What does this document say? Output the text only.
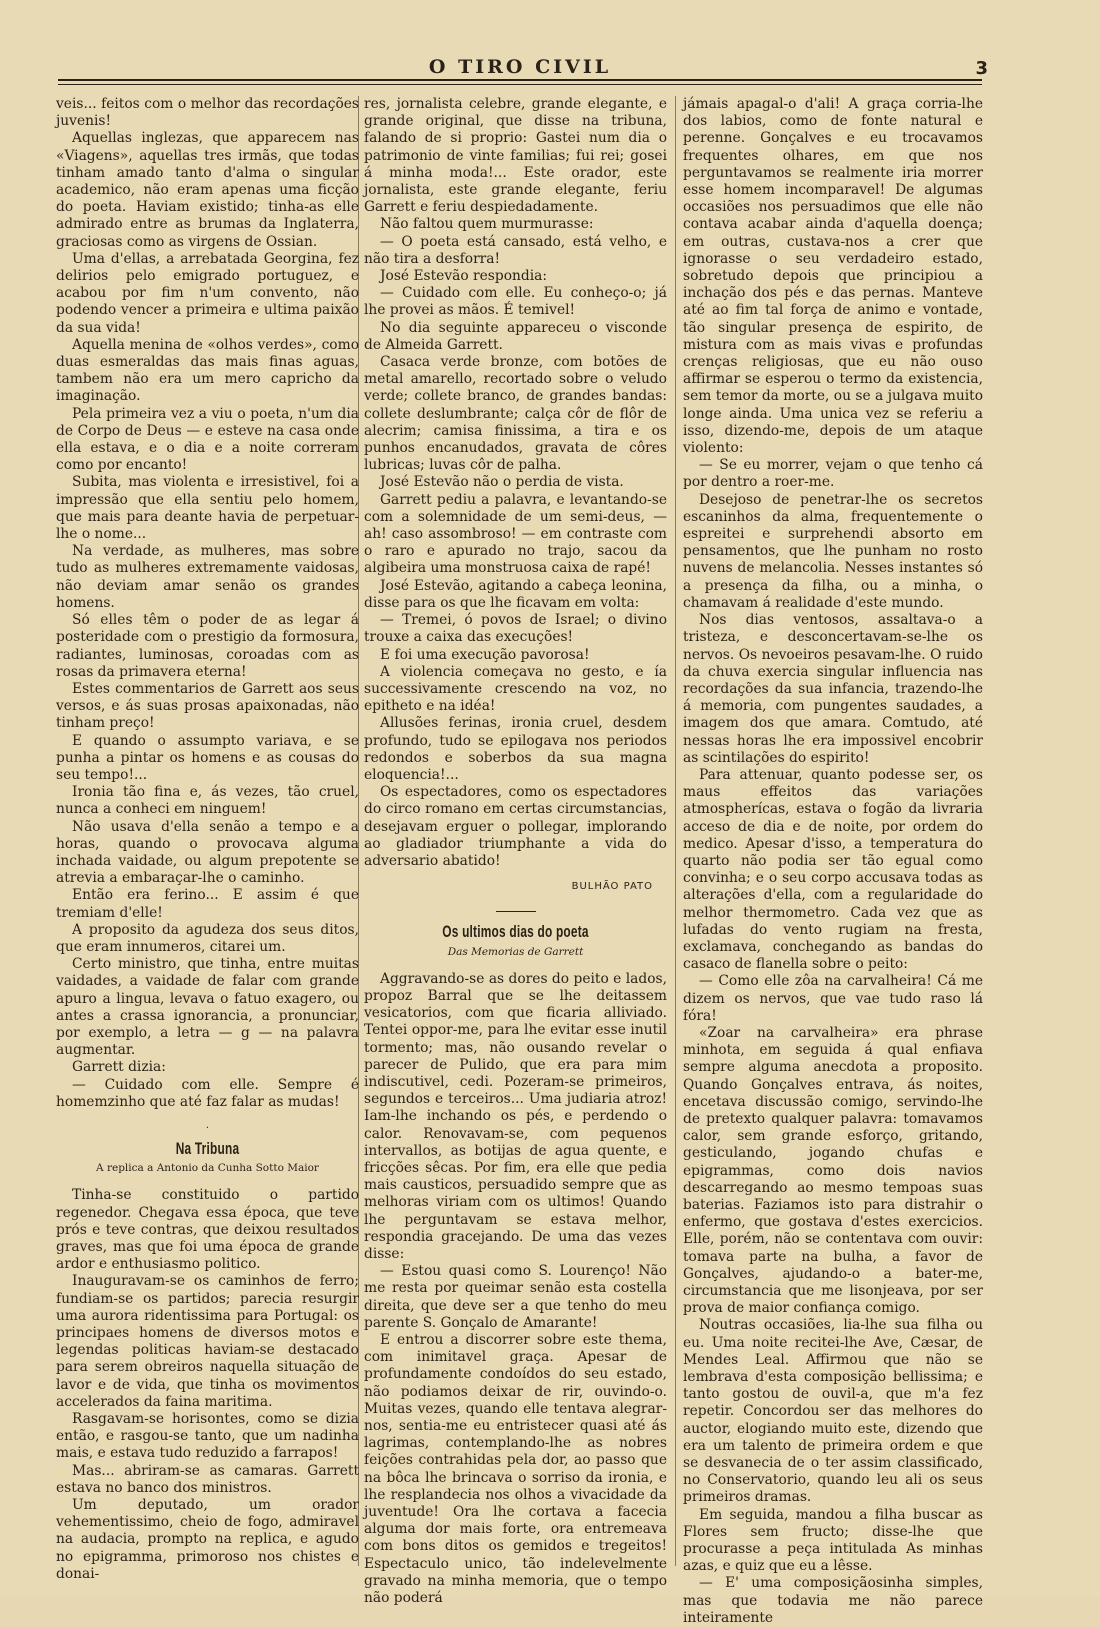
O TIRO CIVIL	3

veis... feitos com o melhor das recordações juvenis!

Aquellas inglezas, que apparecem nas «Viagens», aquellas tres irmãs, que todas tinham amado tanto d'alma o singular academico, não eram apenas uma ficção do poeta. Haviam existido; tinha-as elle admirado entre as brumas da Inglaterra, graciosas como as virgens de Ossian.

Uma d'ellas, a arrebatada Georgina, fez delirios pelo emigrado portuguez, e acabou por fim n'um convento, não podendo vencer a primeira e ultima paixão da sua vida!

Aquella menina de «olhos verdes», como duas esmeraldas das mais finas aguas, tambem não era um mero capricho da imaginação.

Pela primeira vez a viu o poeta, n'um dia de Corpo de Deus — e esteve na casa onde ella estava, e o dia e a noite correram como por encanto!

Subita, mas violenta e irresistivel, foi a impressão que ella sentiu pelo homem, que mais para deante havia de perpetuar-lhe o nome...

Na verdade, as mulheres, mas sobre tudo as mulheres extremamente vaidosas, não deviam amar senão os grandes homens.

Só elles têm o poder de as legar á posteridade com o prestigio da formosura, radiantes, luminosas, coroadas com as rosas da primavera eterna!

Estes commentarios de Garrett aos seus versos, e ás suas prosas apaixonadas, não tinham preço!

E quando o assumpto variava, e se punha a pintar os homens e as cousas do seu tempo!...

Ironia tão fina e, ás vezes, tão cruel, nunca a conheci em ninguem!

Não usava d'ella senão a tempo e a horas, quando o provocava alguma inchada vaidade, ou algum prepotente se atrevia a embaraçar-lhe o caminho.

Então era ferino... E assim é que tremiam d'elle!

A proposito da agudeza dos seus ditos, que eram innumeros, citarei um.

Certo ministro, que tinha, entre muitas vaidades, a vaidade de falar com grande apuro a lingua, levava o fatuo exagero, ou antes a crassa ignorancia, a pronunciar, por exemplo, a letra — g — na palavra augmentar.

Garrett dizia:

— Cuidado com elle. Sempre é homemzinho que até faz falar as mudas!

·
Na Tribuna
A replica a Antonio da Cunha Sotto Maior

Tinha-se constituido o partido regenedor. Chegava essa época, que teve prós e teve contras, que deixou resultados graves, mas que foi uma época de grande ardor e enthusiasmo politico.

Inauguravam-se os caminhos de ferro; fundiam-se os partidos; parecia resurgir uma aurora ridentissima para Portugal: os principaes homens de diversos motos e legendas politicas haviam-se destacado para serem obreiros naquella situação de lavor e de vida, que tinha os movimentos accelerados da faina maritima.

Rasgavam-se horisontes, como se dizia então, e rasgou-se tanto, que um nadinha mais, e estava tudo reduzido a farrapos!

Mas... abriram-se as camaras. Garrett estava no banco dos ministros.

Um deputado, um orador vehementissimo, cheio de fogo, admiravel na audacia, prompto na replica, e agudo no epigramma, primoroso nos chistes e donai-

res, jornalista celebre, grande elegante, e grande original, que disse na tribuna, falando de si proprio: Gastei num dia o patrimonio de vinte familias; fui rei; gosei á minha moda!... Este orador, este jornalista, este grande elegante, feriu Garrett e feriu despiedadamente.

Não faltou quem murmurasse:

— O poeta está cansado, está velho, e não tira a desforra!

José Estevão respondia:

— Cuidado com elle. Eu conheço-o; já lhe provei as mãos. É temivel!

No dia seguinte appareceu o visconde de Almeida Garrett.

Casaca verde bronze, com botões de metal amarello, recortado sobre o veludo verde; collete branco, de grandes bandas: collete deslumbrante; calça côr de flôr de alecrim; camisa finissima, a tira e os punhos encanudados, gravata de côres lubricas; luvas côr de palha.

José Estevão não o perdia de vista.

Garrett pediu a palavra, e levantando-se com a solemnidade de um semi-deus, — ah! caso assombroso! — em contraste com o raro e apurado no trajo, sacou da algibeira uma monstruosa caixa de rapé!

José Estevão, agitando a cabeça leonina, disse para os que lhe ficavam em volta:

— Tremei, ó povos de Israel; o divino trouxe a caixa das execuções!

E foi uma execução pavorosa!

A violencia começava no gesto, e ía successivamente crescendo na voz, no epitheto e na idéa!

Allusões ferinas, ironia cruel, desdem profundo, tudo se epilogava nos periodos redondos e soberbos da sua magna eloquencia!...

Os espectadores, como os espectadores do circo romano em certas circumstancias, desejavam erguer o pollegar, implorando ao gladiador triumphante a vida do adversario abatido!

BULHÃO PATO
Os ultimos dias do poeta
Das Memorias de Garrett

Aggravando-se as dores do peito e lados, propoz Barral que se lhe deitassem vesicatorios, com que ficaria alliviado. Tentei oppor-me, para lhe evitar esse inutil tormento; mas, não ousando revelar o parecer de Pulido, que era para mim indiscutivel, cedi. Pozeram-se primeiros, segundos e terceiros... Uma judiaria atroz! Iam-lhe inchando os pés, e perdendo o calor. Renovavam-se, com pequenos intervallos, as botijas de agua quente, e fricções sêcas. Por fim, era elle que pedia mais causticos, persuadido sempre que as melhoras viriam com os ultimos! Quando lhe perguntavam se estava melhor, respondia gracejando. De uma das vezes disse:

— Estou quasi como S. Lourenço! Não me resta por queimar senão esta costella direita, que deve ser a que tenho do meu parente S. Gonçalo de Amarante!

E entrou a discorrer sobre este thema, com inimitavel graça. Apesar de profundamente condoídos do seu estado, não podiamos deixar de rir, ouvindo-o. Muitas vezes, quando elle tentava alegrar-nos, sentia-me eu entristecer quasi até ás lagrimas, contemplando-lhe as nobres feições contrahidas pela dor, ao passo que na bôca lhe brincava o sorriso da ironia, e lhe resplandecia nos olhos a vivacidade da juventude! Ora lhe cortava a facecia alguma dor mais forte, ora entremeava com bons ditos os gemidos e tregeitos! Espectaculo unico, tão indelevelmente gravado na minha memoria, que o tempo não poderá

jámais apagal-o d'ali! A graça corria-lhe dos labios, como de fonte natural e perenne. Gonçalves e eu trocavamos frequentes olhares, em que nos perguntavamos se realmente iria morrer esse homem incomparavel! De algumas occasiões nos persuadimos que elle não contava acabar ainda d'aquella doença; em outras, custava-nos a crer que ignorasse o seu verdadeiro estado, sobretudo depois que principiou a inchação dos pés e das pernas. Manteve até ao fim tal força de animo e vontade, tão singular presença de espirito, de mistura com as mais vivas e profundas crenças religiosas, que eu não ouso affirmar se esperou o termo da existencia, sem temor da morte, ou se a julgava muito longe ainda. Uma unica vez se referiu a isso, dizendo-me, depois de um ataque violento:

— Se eu morrer, vejam o que tenho cá por dentro a roer-me.

Desejoso de penetrar-lhe os secretos escaninhos da alma, frequentemente o espreitei e surprehendi absorto em pensamentos, que lhe punham no rosto nuvens de melancolia. Nesses instantes só a presença da filha, ou a minha, o chamavam á realidade d'este mundo.

Nos dias ventosos, assaltava-o a tristeza, e desconcertavam-se-lhe os nervos. Os nevoeiros pesavam-lhe. O ruido da chuva exercia singular influencia nas recordações da sua infancia, trazendo-lhe á memoria, com pungentes saudades, a imagem dos que amara. Comtudo, até nessas horas lhe era impossivel encobrir as scintilações do espirito!

Para attenuar, quanto podesse ser, os maus effeitos das variações atmospherícas, estava o fogão da livraria acceso de dia e de noite, por ordem do medico. Apesar d'isso, a temperatura do quarto não podia ser tão egual como convinha; e o seu corpo accusava todas as alterações d'ella, com a regularidade do melhor thermometro. Cada vez que as lufadas do vento rugiam na fresta, exclamava, conchegando as bandas do casaco de flanella sobre o peito:

— Como elle zôa na carvalheira! Cá me dizem os nervos, que vae tudo raso lá fóra!

«Zoar na carvalheira» era phrase minhota, em seguida á qual enfiava sempre alguma anecdota a proposito. Quando Gonçalves entrava, ás noites, encetava discussão comigo, servindo-lhe de pretexto qualquer palavra: tomavamos calor, sem grande esforço, gritando, gesticulando, jogando chufas e epigrammas, como dois navios descarregando ao mesmo tempoas suas baterias. Faziamos isto para distrahir o enfermo, que gostava d'estes exercicios. Elle, porém, não se contentava com ouvir: tomava parte na bulha, a favor de Gonçalves, ajudando-o a bater-me, circumstancia que me lisonjeava, por ser prova de maior confiança comigo.

Noutras occasiões, lia-lhe sua filha ou eu. Uma noite recitei-lhe Ave, Cæsar, de Mendes Leal. Affirmou que não se lembrava d'esta composição bellissima; e tanto gostou de ouvil-a, que m'a fez repetir. Concordou ser das melhores do auctor, elogiando muito este, dizendo que era um talento de primeira ordem e que se desvanecia de o ter assim classificado, no Conservatorio, quando leu ali os seus primeiros dramas.

Em seguida, mandou a filha buscar as Flores sem fructo; disse-lhe que procurasse a peça intitulada As minhas azas, e quiz que eu a lêsse.

— E' uma composiçãosinha simples, mas que todavia me não parece inteiramente
